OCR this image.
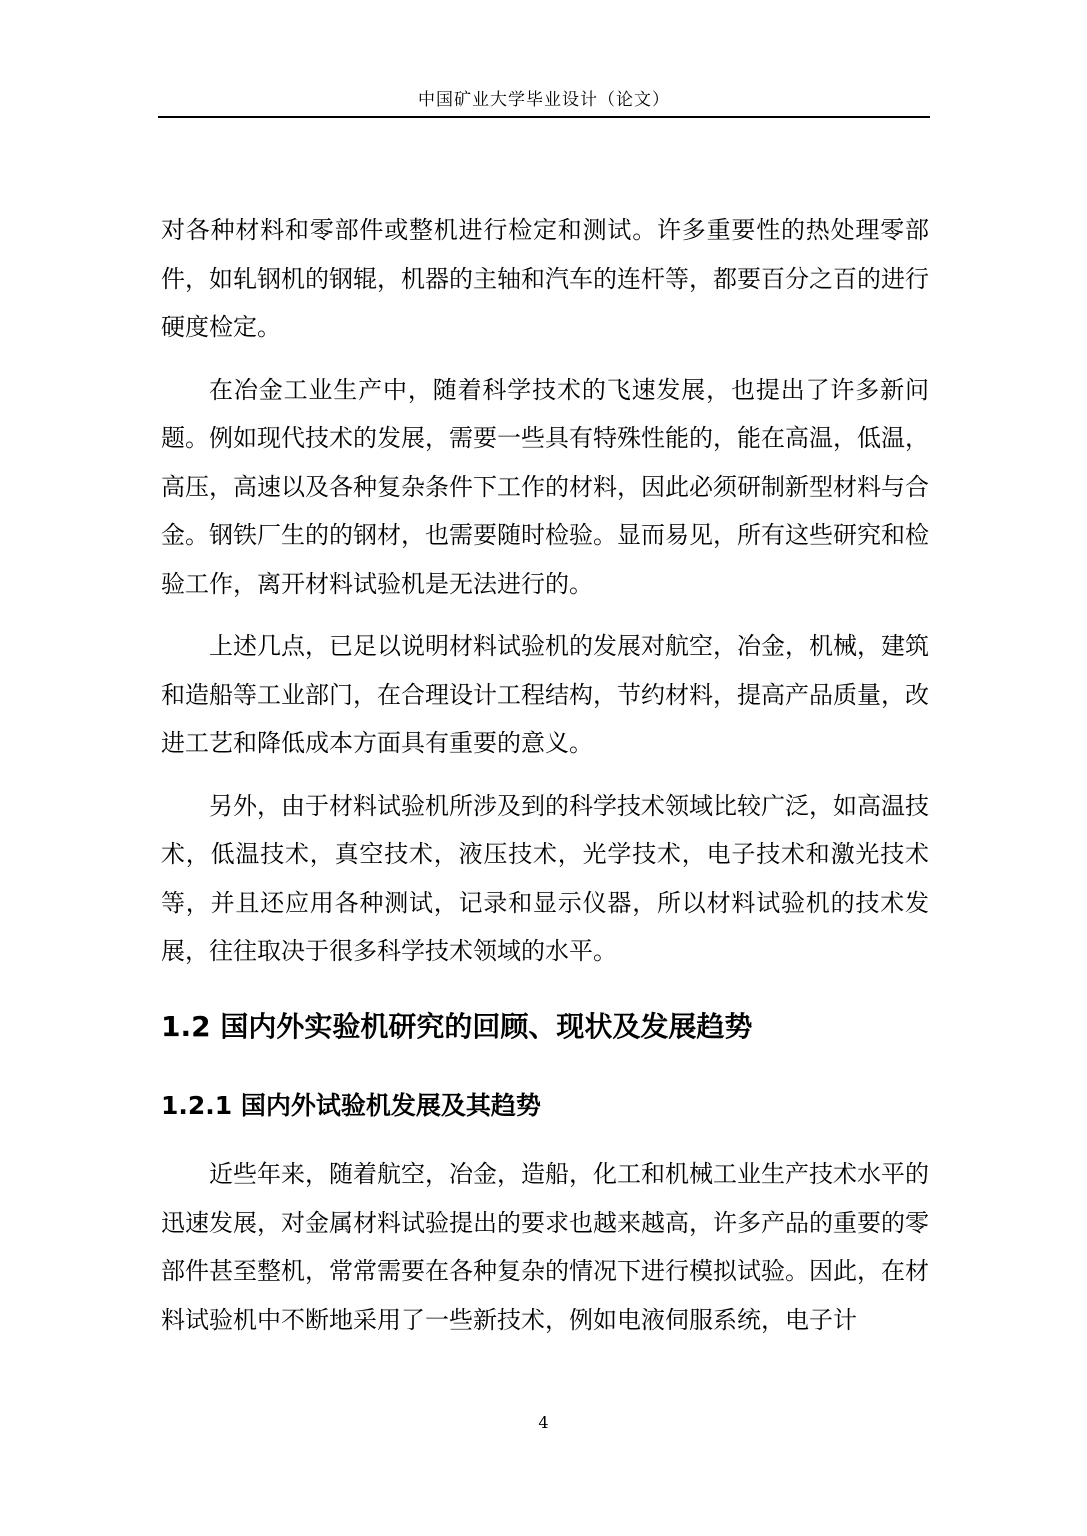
中国矿业大学毕业设计（论文）

对各种材料和零部件或整机进行检定和测试。许多重要性的热处理零部件，如轧钢机的钢辊，机器的主轴和汽车的连杆等，都要百分之百的进行硬度检定。

在冶金工业生产中，随着科学技术的飞速发展，也提出了许多新问题。例如现代技术的发展，需要一些具有特殊性能的，能在高温，低温，高压，高速以及各种复杂条件下工作的材料，因此必须研制新型材料与合金。钢铁厂生的的钢材，也需要随时检验。显而易见，所有这些研究和检验工作，离开材料试验机是无法进行的。

上述几点，已足以说明材料试验机的发展对航空，冶金，机械，建筑和造船等工业部门，在合理设计工程结构，节约材料，提高产品质量，改进工艺和降低成本方面具有重要的意义。

另外，由于材料试验机所涉及到的科学技术领域比较广泛，如高温技术，低温技术，真空技术，液压技术，光学技术，电子技术和激光技术等，并且还应用各种测试，记录和显示仪器，所以材料试验机的技术发展，往往取决于很多科学技术领域的水平。

1.2 国内外实验机研究的回顾、现状及发展趋势
1.2.1 国内外试验机发展及其趋势

近些年来，随着航空，冶金，造船，化工和机械工业生产技术水平的迅速发展，对金属材料试验提出的要求也越来越高，许多产品的重要的零部件甚至整机，常常需要在各种复杂的情况下进行模拟试验。因此，在材料试验机中不断地采用了一些新技术，例如电液伺服系统，电子计

4
